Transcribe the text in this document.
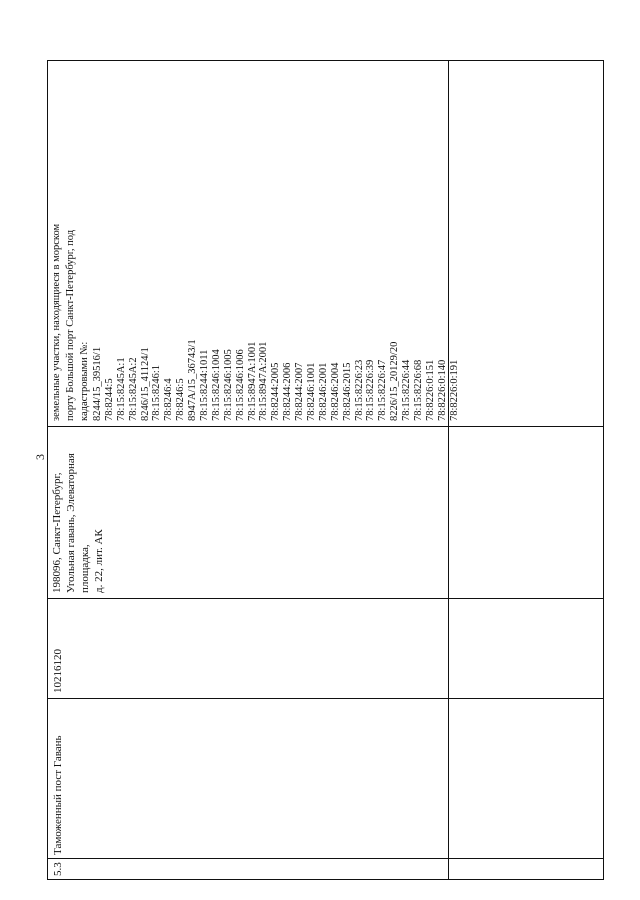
3
5.3
Таможенный пост Гавань
10216120
198096, Санкт-Петербург, Угольная гавань, Элеваторная площадка, д. 22, лит. АК
земельные участки, находящиеся в морском порту Большой порт Санкт-Петербург, под кадастровыми №: 8244/15_39516/1 78:8244:5 78:15:8245A:1 78:15:8245A:2 8246/15_41124/1 78:15:8246:1 78:8246:4 78:8246:5 8947A/15_36743/1 78:15:8244:1011 78:15:8246:1004 78:15:8246:1005 78:15:8246:1006 78:15:8947A:1001 78:15:8947A:2001 78:8244:2005 78:8244:2006 78:8244:2007 78:8246:1001 78:8246:2001 78:8246:2004 78:8246:2015 78:15:8226:23 78:15:8226:39 78:15:8226:47 8226/15_20129/20 78:15:8226:44 78:15:8226:68 78:8226:0:151 78:8226:0:140 78:8226:0:191
